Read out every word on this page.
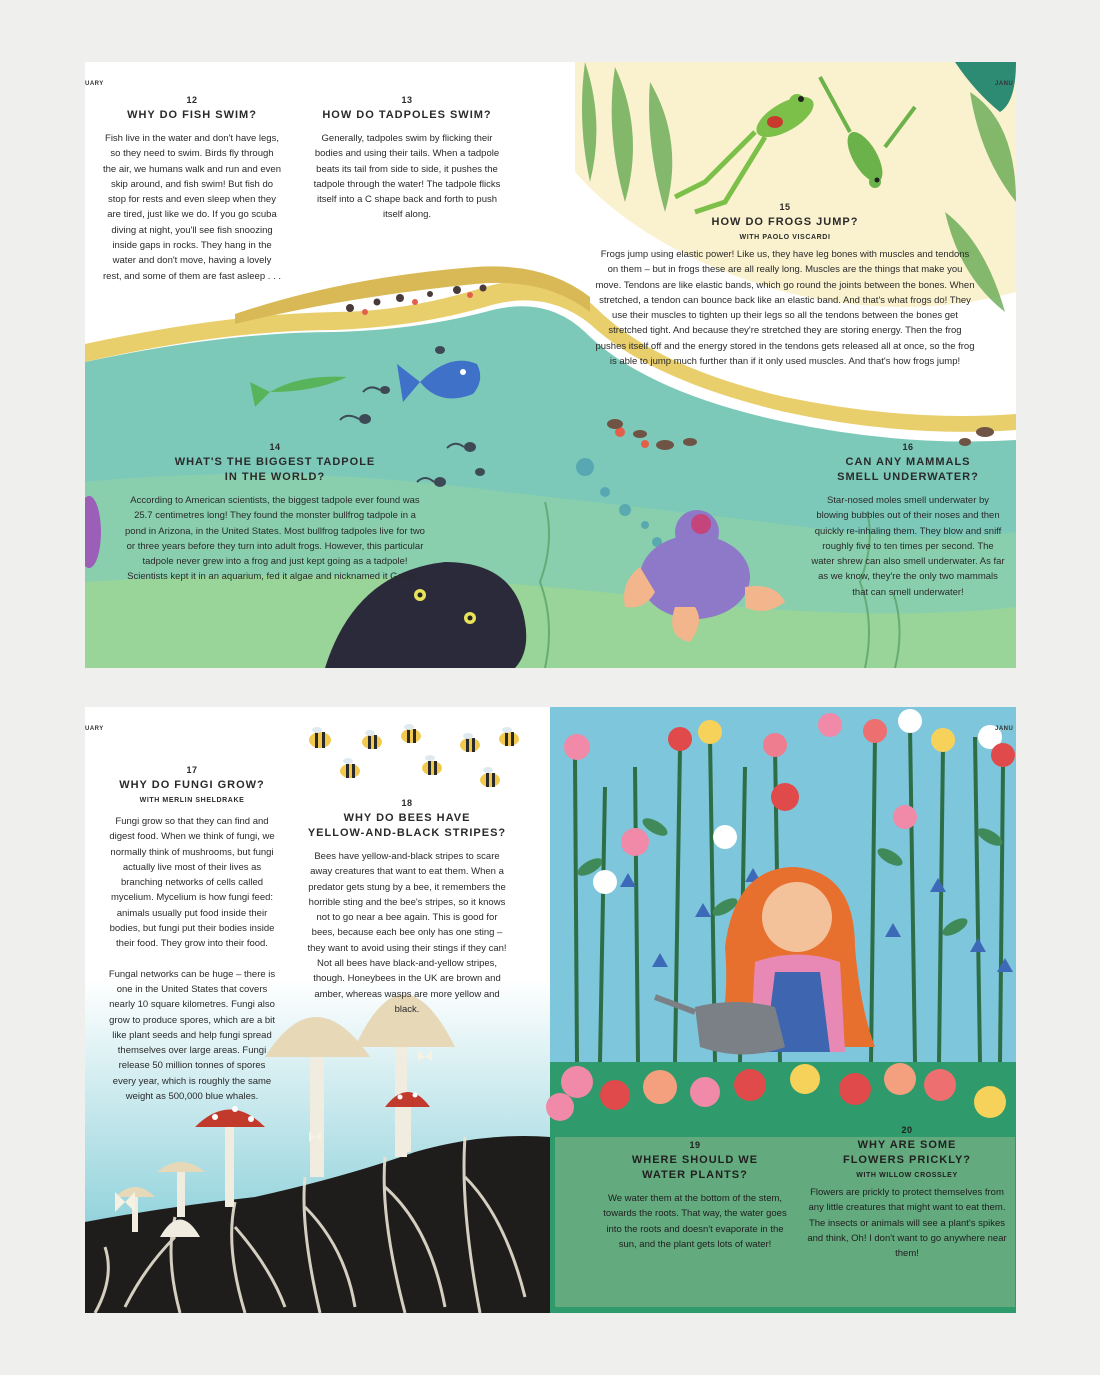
UARY	JANU
12
WHY DO FISH SWIM?
Fish live in the water and don't have legs, so they need to swim. Birds fly through the air, we humans walk and run and even skip around, and fish swim! But fish do stop for rests and even sleep when they are tired, just like we do. If you go scuba diving at night, you'll see fish snoozing inside gaps in rocks. They hang in the water and don't move, having a lovely rest, and some of them are fast asleep . . .
13
HOW DO TADPOLES SWIM?
Generally, tadpoles swim by flicking their bodies and using their tails. When a tadpole beats its tail from side to side, it pushes the tadpole through the water! The tadpole flicks itself into a C shape back and forth to push itself along.
15
HOW DO FROGS JUMP?
WITH PAOLO VISCARDI
Frogs jump using elastic power! Like us, they have leg bones with muscles and tendons on them – but in frogs these are all really long. Muscles are the things that make you move. Tendons are like elastic bands, which go round the joints between the bones. When stretched, a tendon can bounce back like an elastic band. And that's what frogs do! They use their muscles to tighten up their legs so all the tendons between the bones get stretched tight. And because they're stretched they are storing energy. Then the frog pushes itself off and the energy stored in the tendons gets released all at once, so the frog is able to jump much further than if it only used muscles. And that's how frogs jump!
14
WHAT'S THE BIGGEST TADPOLE
IN THE WORLD?
According to American scientists, the biggest tadpole ever found was 25.7 centimetres long! They found the monster bullfrog tadpole in a pond in Arizona, in the United States. Most bullfrog tadpoles live for two or three years before they turn into adult frogs. However, this particular tadpole never grew into a frog and just kept going as a tadpole! Scientists kept it in an aquarium, fed it algae and nicknamed it Goliath.
16
CAN ANY MAMMALS
SMELL UNDERWATER?
Star-nosed moles smell underwater by blowing bubbles out of their noses and then quickly re-inhaling them. They blow and sniff roughly five to ten times per second. The water shrew can also smell underwater. As far as we know, they're the only two mammals that can smell underwater!
UARY	JANU
17
WHY DO FUNGI GROW?
WITH MERLIN SHELDRAKE

Fungi grow so that they can find and digest food. When we think of fungi, we normally think of mushrooms, but fungi actually live most of their lives as branching networks of cells called mycelium. Mycelium is how fungi feed: animals usually put food inside their bodies, but fungi put their bodies inside their food. They grow into their food.

Fungal networks can be huge – there is one in the United States that covers nearly 10 square kilometres. Fungi also grow to produce spores, which are a bit like plant seeds and help fungi spread themselves over large areas. Fungi release 50 million tonnes of spores every year, which is roughly the same weight as 500,000 blue whales.

18
WHY DO BEES HAVE
YELLOW-AND-BLACK STRIPES?
Bees have yellow-and-black stripes to scare away creatures that want to eat them. When a predator gets stung by a bee, it remembers the horrible sting and the bee's stripes, so it knows not to go near a bee again. This is good for bees, because each bee only has one sting – they want to avoid using their stings if they can! Not all bees have black-and-yellow stripes, though. Honeybees in the UK are brown and amber, whereas wasps are more yellow and black.
19
WHERE SHOULD WE
WATER PLANTS?
We water them at the bottom of the stem, towards the roots. That way, the water goes into the roots and doesn't evaporate in the sun, and the plant gets lots of water!
20
WHY ARE SOME
FLOWERS PRICKLY?
WITH WILLOW CROSSLEY
Flowers are prickly to protect themselves from any little creatures that might want to eat them. The insects or animals will see a plant's spikes and think, Oh! I don't want to go anywhere near them!
